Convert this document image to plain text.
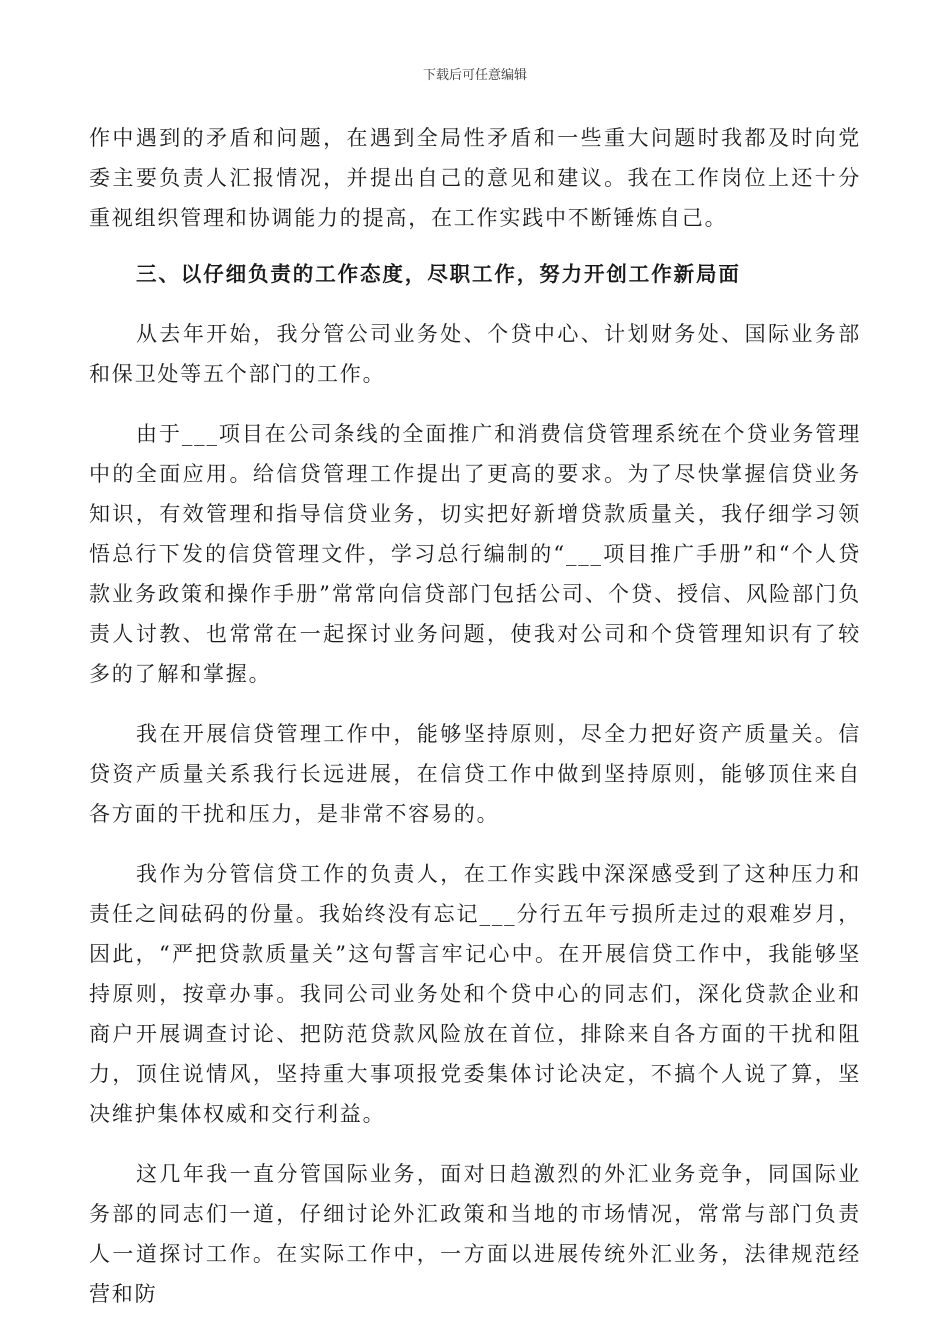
下载后可任意编辑

作中遇到的矛盾和问题，在遇到全局性矛盾和一些重大问题时我都及时向党委主要负责人汇报情况，并提出自己的意见和建议。我在工作岗位上还十分重视组织管理和协调能力的提高，在工作实践中不断锤炼自己。

三、以仔细负责的工作态度，尽职工作，努力开创工作新局面

从去年开始，我分管公司业务处、个贷中心、计划财务处、国际业务部和保卫处等五个部门的工作。

由于___项目在公司条线的全面推广和消费信贷管理系统在个贷业务管理中的全面应用。给信贷管理工作提出了更高的要求。为了尽快掌握信贷业务知识，有效管理和指导信贷业务，切实把好新增贷款质量关，我仔细学习领悟总行下发的信贷管理文件，学习总行编制的“___项目推广手册”和“个人贷款业务政策和操作手册”常常向信贷部门包括公司、个贷、授信、风险部门负责人讨教、也常常在一起探讨业务问题，使我对公司和个贷管理知识有了较多的了解和掌握。

我在开展信贷管理工作中，能够坚持原则，尽全力把好资产质量关。信贷资产质量关系我行长远进展，在信贷工作中做到坚持原则，能够顶住来自各方面的干扰和压力，是非常不容易的。

我作为分管信贷工作的负责人，在工作实践中深深感受到了这种压力和责任之间砝码的份量。我始终没有忘记___分行五年亏损所走过的艰难岁月，因此，“严把贷款质量关”这句誓言牢记心中。在开展信贷工作中，我能够坚持原则，按章办事。我同公司业务处和个贷中心的同志们，深化贷款企业和商户开展调查讨论、把防范贷款风险放在首位，排除来自各方面的干扰和阻力，顶住说情风，坚持重大事项报党委集体讨论决定，不搞个人说了算，坚决维护集体权威和交行利益。

这几年我一直分管国际业务，面对日趋激烈的外汇业务竞争，同国际业务部的同志们一道，仔细讨论外汇政策和当地的市场情况，常常与部门负责人一道探讨工作。在实际工作中，一方面以进展传统外汇业务，法律规范经营和防
